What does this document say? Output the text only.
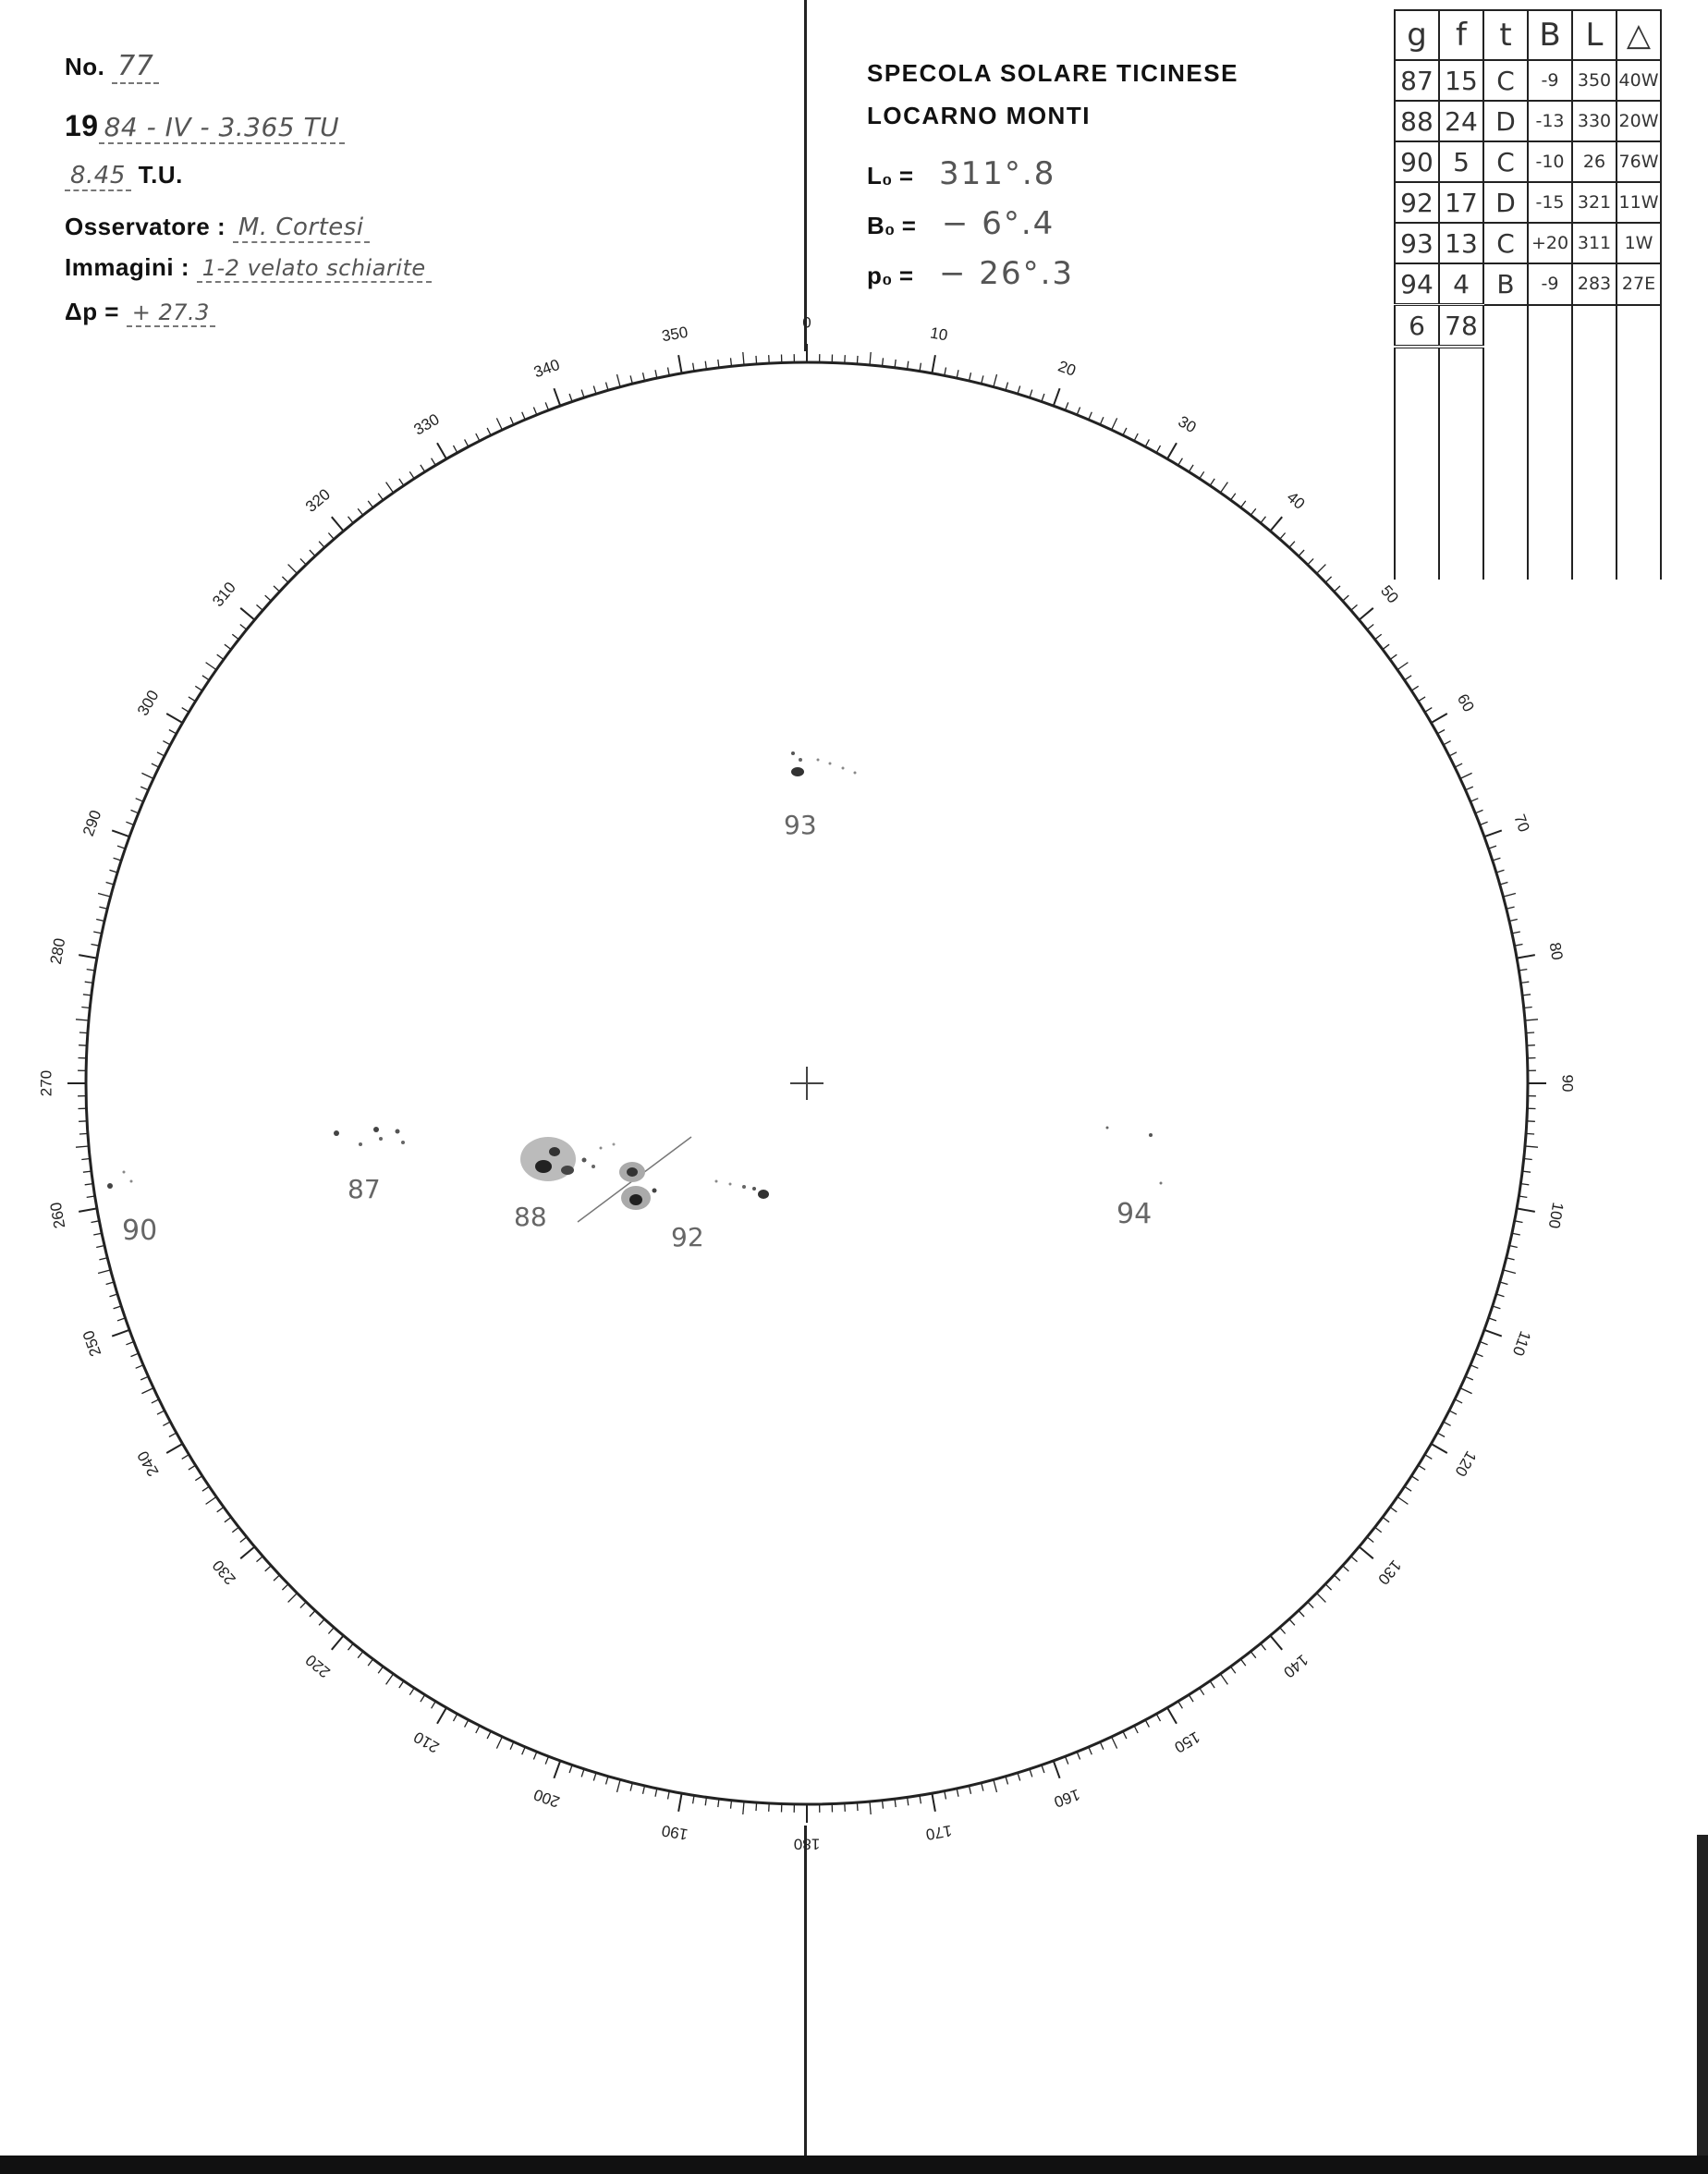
No. 77
19 84 - IV - 3.365 TU
8.45 T.U.
Osservatore : M. Cortesi
Immagini : 1-2 velato schiarite
Δp = + 27.3
SPECOLA SOLARE TICINESE
LOCARNO MONTI
L₀ = 311°.8
B₀ = − 6°.4
p₀ = − 26°.3
g	f	t	B	L	△
87	15	C	-9	350	40W
88	24	D	-13	330	20W
90	5	C	-10	26	76W
92	17	D	-15	321	11W
93	13	C	+20	311	1W
94	4	B	-9	283	27E
6	78				

0
10
20
30
40
50
60
70
80
90
100
110
120
130
140
150
160
170
180
190
200
210
220
230
240
250
260
270
280
290
300
310
320
330
340
350
93
87
88
92
90
94
